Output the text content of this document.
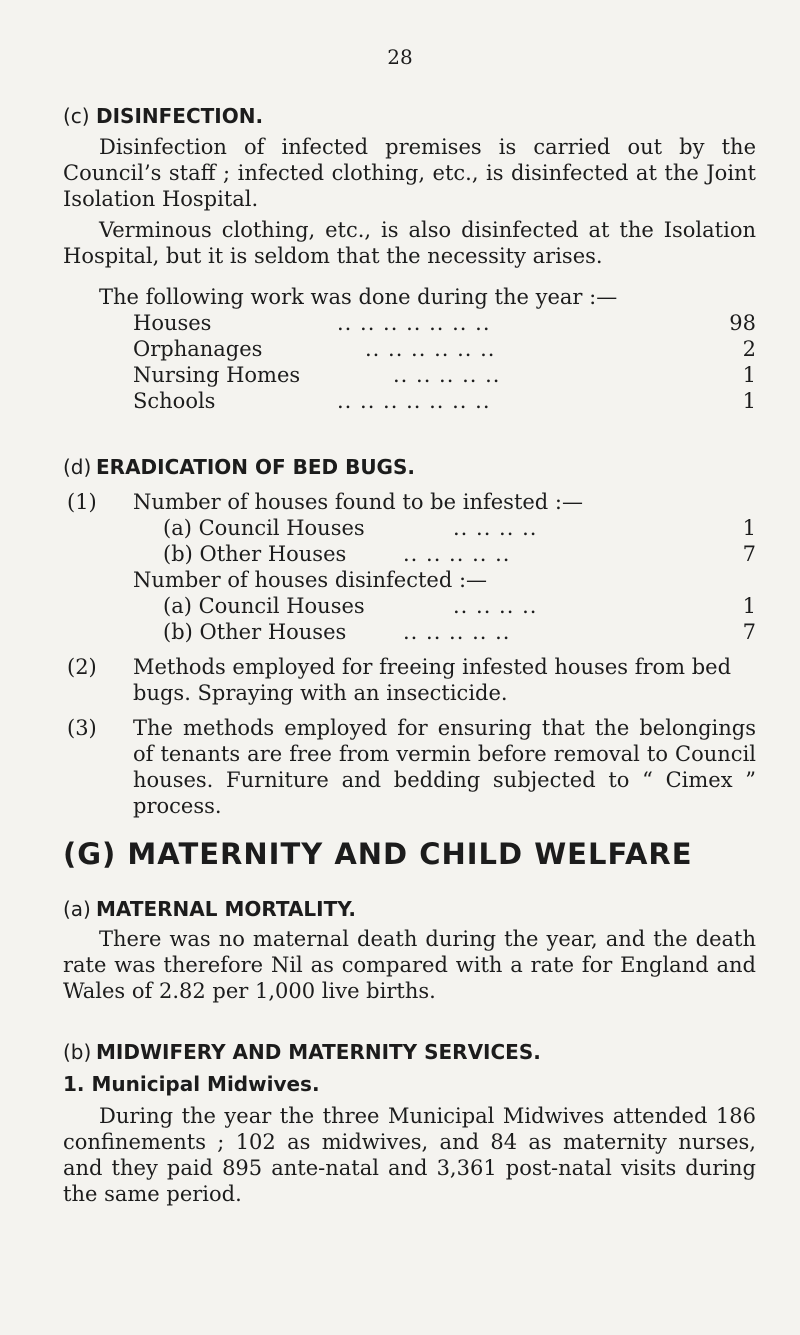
28
(c) DISINFECTION.
Disinfection of infected premises is carried out by the Council’s staff ; infected clothing, etc., is disinfected at the Joint Isolation Hospital.
Verminous clothing, etc., is also disinfected at the Isolation Hospital, but it is seldom that the necessity arises.
The following work was done during the year :—
Houses	.. .. .. .. .. .. ..	98
Orphanages	.. .. .. .. .. ..	2
Nursing Homes	.. .. .. .. ..	1
Schools	.. .. .. .. .. .. ..	1
(d) ERADICATION OF BED BUGS.
(1) Number of houses found to be infested :—
(a) Council Houses	.. .. .. ..	1
(b) Other Houses	.. .. .. .. ..	7
Number of houses disinfected :—
(a) Council Houses	.. .. .. ..	1
(b) Other Houses	.. .. .. .. ..	7
(2) Methods employed for freeing infested houses from bed bugs. Spraying with an insecticide.
(3) The methods employed for ensuring that the belongings of tenants are free from vermin before removal to Council houses. Furniture and bedding subjected to “ Cimex ” process.
(G) MATERNITY AND CHILD WELFARE
(a) MATERNAL MORTALITY.
There was no maternal death during the year, and the death rate was therefore Nil as compared with a rate for England and Wales of 2.82 per 1,000 live births.
(b) MIDWIFERY AND MATERNITY SERVICES.
1. Municipal Midwives.
During the year the three Municipal Midwives attended 186 confinements ; 102 as midwives, and 84 as maternity nurses, and they paid 895 ante-natal and 3,361 post-natal visits during the same period.
